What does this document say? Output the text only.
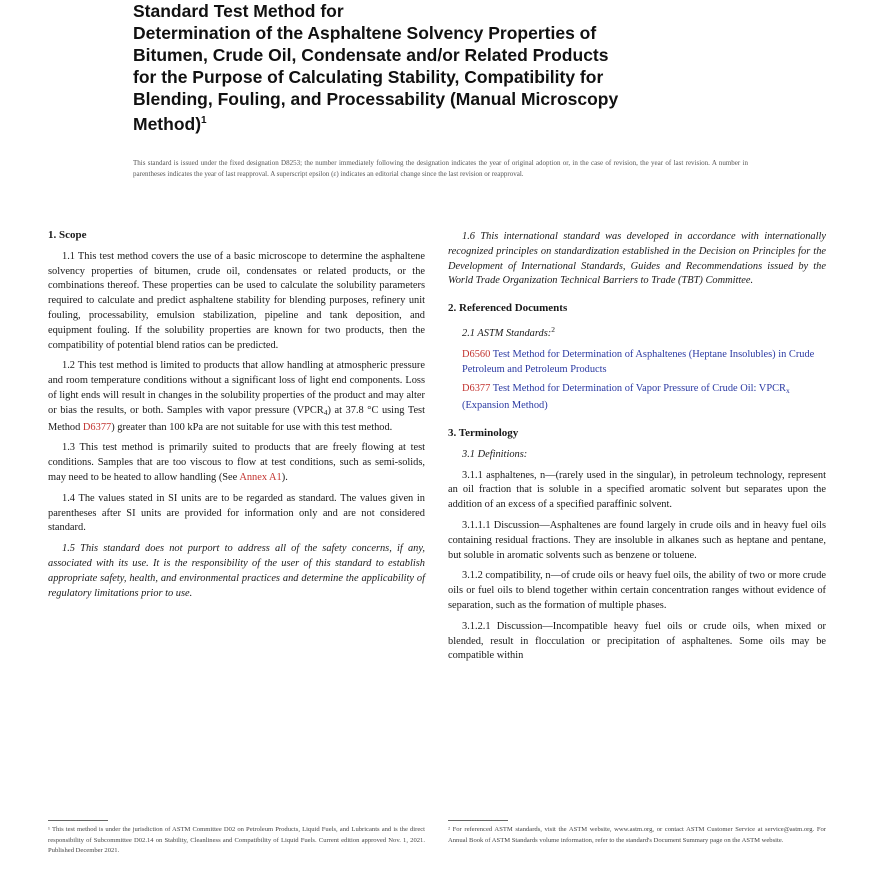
Standard Test Method for
Determination of the Asphaltene Solvency Properties of
Bitumen, Crude Oil, Condensate and/or Related Products
for the Purpose of Calculating Stability, Compatibility for
Blending, Fouling, and Processability (Manual Microscopy
Method)$^1$
This standard is issued under the fixed designation D8253; the number immediately following the designation indicates the year of original adoption or, in the case of revision, the year of last revision. A number in parentheses indicates the year of last reapproval. A superscript epsilon (ε) indicates an editorial change since the last revision or reapproval.
1. Scope

1.1 This test method covers the use of a basic microscope to determine the asphaltene solvency properties of bitumen, crude oil, condensates or related products, or the combinations thereof. These properties can be used to calculate the solubility parameters required to calculate and predict asphaltene stability for blending purposes, refinery unit fouling, processability, emulsion stabilization, pipeline and tank deposition, and equipment fouling. If the solubility properties are known for two products, then the compatibility of potential blend ratios can be predicted.

1.2 This test method is limited to products that allow handling at atmospheric pressure and room temperature conditions without a significant loss of light end components. Loss of light ends will result in changes in the solubility properties of the product and may alter or bias the results, or both. Samples with vapor pressure $(VPCR_4)$ at 37.8 °C using Test Method D6377) greater than 100 kPa are not suitable for use with this test method.

1.3 This test method is primarily suited to products that are freely flowing at test conditions. Samples that are too viscous to flow at test conditions, such as semi-solids, may need to be heated to allow handling (See Annex A1).

1.4 The values stated in SI units are to be regarded as standard. The values given in parentheses after SI units are provided for information only and are not considered standard.

1.5 This standard does not purport to address all of the safety concerns, if any, associated with its use. It is the responsibility of the user of this standard to establish appropriate safety, health, and environmental practices and determine the applicability of regulatory limitations prior to use.

1.6 This international standard was developed in accordance with internationally recognized principles on standardization established in the Decision on Principles for the Development of International Standards, Guides and Recommendations issued by the World Trade Organization Technical Barriers to Trade (TBT) Committee.

2. Referenced Documents

2.1 ASTM Standards:$^2$

D6560 Test Method for Determination of Asphaltenes (Heptane Insolubles) in Crude Petroleum and Petroleum Products

D6377 Test Method for Determination of Vapor Pressure of Crude Oil: $VPCR_x$ (Expansion Method)

3. Terminology

3.1 Definitions:

3.1.1 asphaltenes, n—(rarely used in the singular), in petroleum technology, represent an oil fraction that is soluble in a specified aromatic solvent but separates upon the addition of an excess of a specified paraffinic solvent.

3.1.1.1 Discussion—Asphaltenes are found largely in crude oils and in heavy fuel oils containing residual fractions. They are insoluble in alkanes such as heptane and pentane, but soluble in aromatic solvents such as benzene or toluene.

3.1.2 compatibility, n—of crude oils or heavy fuel oils, the ability of two or more crude oils or fuel oils to blend together within certain concentration ranges without evidence of separation, such as the formation of multiple phases.

3.1.2.1 Discussion—Incompatible heavy fuel oils or crude oils, when mixed or blended, result in flocculation or precipitation of asphaltenes. Some oils may be compatible within

¹ This test method is under the jurisdiction of ASTM Committee D02 on Petroleum Products, Liquid Fuels, and Lubricants and is the direct responsibility of Subcommittee D02.14 on Stability, Cleanliness and Compatibility of Liquid Fuels. Current edition approved Nov. 1, 2021. Published December 2021.
² For referenced ASTM standards, visit the ASTM website, www.astm.org, or contact ASTM Customer Service at service@astm.org. For Annual Book of ASTM Standards volume information, refer to the standard's Document Summary page on the ASTM website.
